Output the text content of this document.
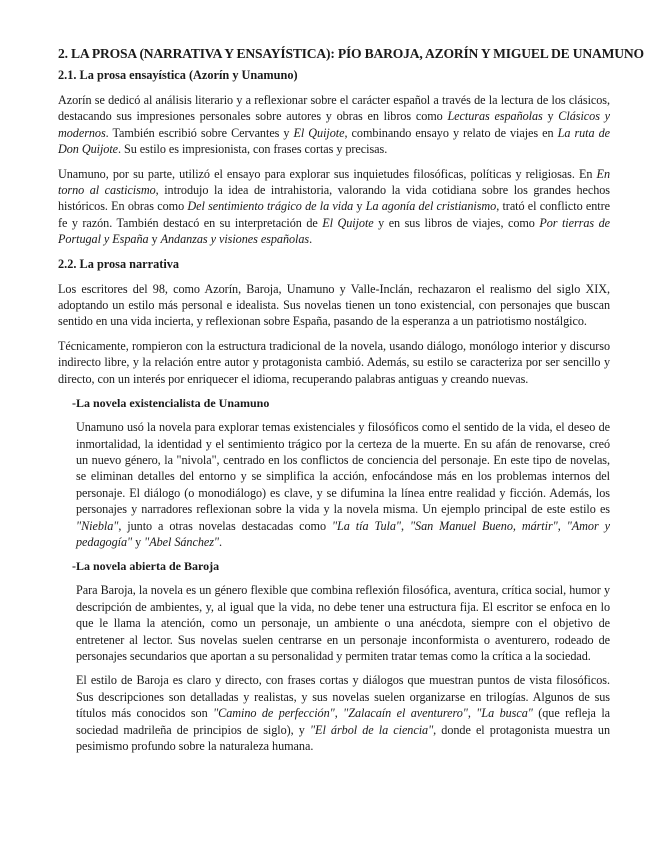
2. LA PROSA (NARRATIVA Y ENSAYÍSTICA): PÍO BAROJA, AZORÍN Y MIGUEL DE UNAMUNO
2.1. La prosa ensayística (Azorín y Unamuno)

Azorín se dedicó al análisis literario y a reflexionar sobre el carácter español a través de la lectura de los clásicos, destacando sus impresiones personales sobre autores y obras en libros como Lecturas españolas y Clásicos y modernos. También escribió sobre Cervantes y El Quijote, combinando ensayo y relato de viajes en La ruta de Don Quijote. Su estilo es impresionista, con frases cortas y precisas.

Unamuno, por su parte, utilizó el ensayo para explorar sus inquietudes filosóficas, políticas y religiosas. En En torno al casticismo, introdujo la idea de intrahistoria, valorando la vida cotidiana sobre los grandes hechos históricos. En obras como Del sentimiento trágico de la vida y La agonía del cristianismo, trató el conflicto entre fe y razón. También destacó en su interpretación de El Quijote y en sus libros de viajes, como Por tierras de Portugal y España y Andanzas y visiones españolas.

2.2. La prosa narrativa

Los escritores del 98, como Azorín, Baroja, Unamuno y Valle-Inclán, rechazaron el realismo del siglo XIX, adoptando un estilo más personal e idealista. Sus novelas tienen un tono existencial, con personajes que buscan sentido en una vida incierta, y reflexionan sobre España, pasando de la esperanza a un patriotismo nostálgico.

Técnicamente, rompieron con la estructura tradicional de la novela, usando diálogo, monólogo interior y discurso indirecto libre, y la relación entre autor y protagonista cambió. Además, su estilo se caracteriza por ser sencillo y directo, con un interés por enriquecer el idioma, recuperando palabras antiguas y creando nuevas.

-La novela existencialista de Unamuno

Unamuno usó la novela para explorar temas existenciales y filosóficos como el sentido de la vida, el deseo de inmortalidad, la identidad y el sentimiento trágico por la certeza de la muerte. En su afán de renovarse, creó un nuevo género, la "nivola", centrado en los conflictos de conciencia del personaje. En este tipo de novelas, se eliminan detalles del entorno y se simplifica la acción, enfocándose más en los problemas internos del personaje. El diálogo (o monodiálogo) es clave, y se difumina la línea entre realidad y ficción. Además, los personajes y narradores reflexionan sobre la vida y la novela misma. Un ejemplo principal de este estilo es "Niebla", junto a otras novelas destacadas como "La tía Tula", "San Manuel Bueno, mártir", "Amor y pedagogía" y "Abel Sánchez".

-La novela abierta de Baroja

Para Baroja, la novela es un género flexible que combina reflexión filosófica, aventura, crítica social, humor y descripción de ambientes, y, al igual que la vida, no debe tener una estructura fija. El escritor se enfoca en lo que le llama la atención, como un personaje, un ambiente o una anécdota, siempre con el objetivo de entretener al lector. Sus novelas suelen centrarse en un personaje inconformista o aventurero, rodeado de personajes secundarios que aportan a su personalidad y permiten tratar temas como la crítica a la sociedad.

El estilo de Baroja es claro y directo, con frases cortas y diálogos que muestran puntos de vista filosóficos. Sus descripciones son detalladas y realistas, y sus novelas suelen organizarse en trilogías. Algunos de sus títulos más conocidos son "Camino de perfección", "Zalacaín el aventurero", "La busca" (que refleja la sociedad madrileña de principios de siglo), y "El árbol de la ciencia", donde el protagonista muestra un pesimismo profundo sobre la naturaleza humana.
